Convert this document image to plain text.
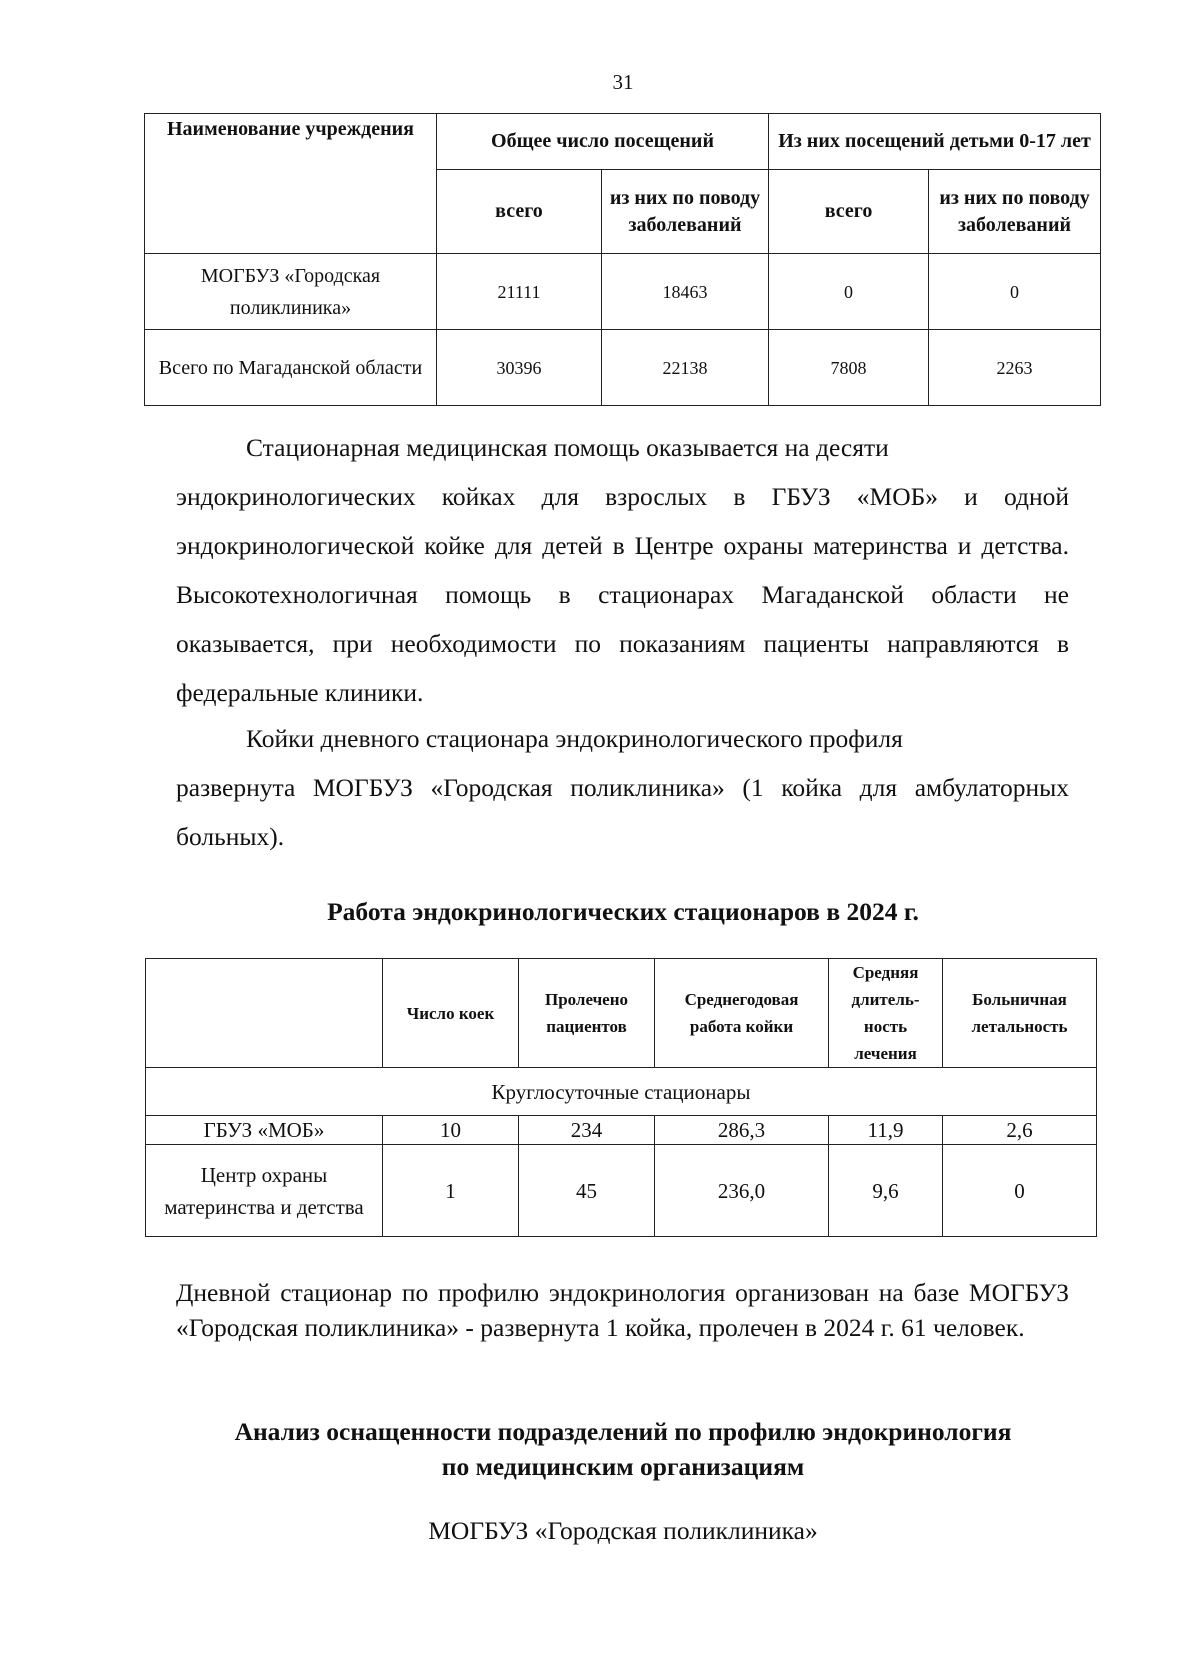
31
Наименование учреждения	Общее число посещений		Из них посещений детьми 0-17 лет	
	всего	из них по поводу заболеваний	всего	из них по поводу заболеваний
МОГБУЗ «Городская поликлиника»	21111	18463	0	0
Всего по Магаданской области	30396	22138	7808	2263
Стационарная медицинская помощь оказывается на десяти
эндокринологических койках для взрослых в ГБУЗ «МОБ» и одной эндокринологической койке для детей в Центре охраны материнства и детства. Высокотехнологичная помощь в стационарах Магаданской области не оказывается, при необходимости по показаниям пациенты направляются в федеральные клиники.
Койки дневного стационара эндокринологического профиля
развернута МОГБУЗ «Городская поликлиника» (1 койка для амбулаторных больных).

Работа эндокринологических стационаров в 2024 г.

	Число коек	Пролечено пациентов	Среднегодовая работа койки	Средняя длитель-ность лечения	Больничная летальность
Круглосуточные стационары					
ГБУЗ «МОБ»	10	234	286,3	11,9	2,6
Центр охраны материнства и детства	1	45	236,0	9,6	0

Дневной стационар по профилю эндокринология организован на базе МОГБУЗ «Городская поликлиника» - развернута 1 койка, пролечен в 2024 г. 61 человек.

Анализ оснащенности подразделений по профилю эндокринология
по медицинским организациям

МОГБУЗ «Городская поликлиника»
